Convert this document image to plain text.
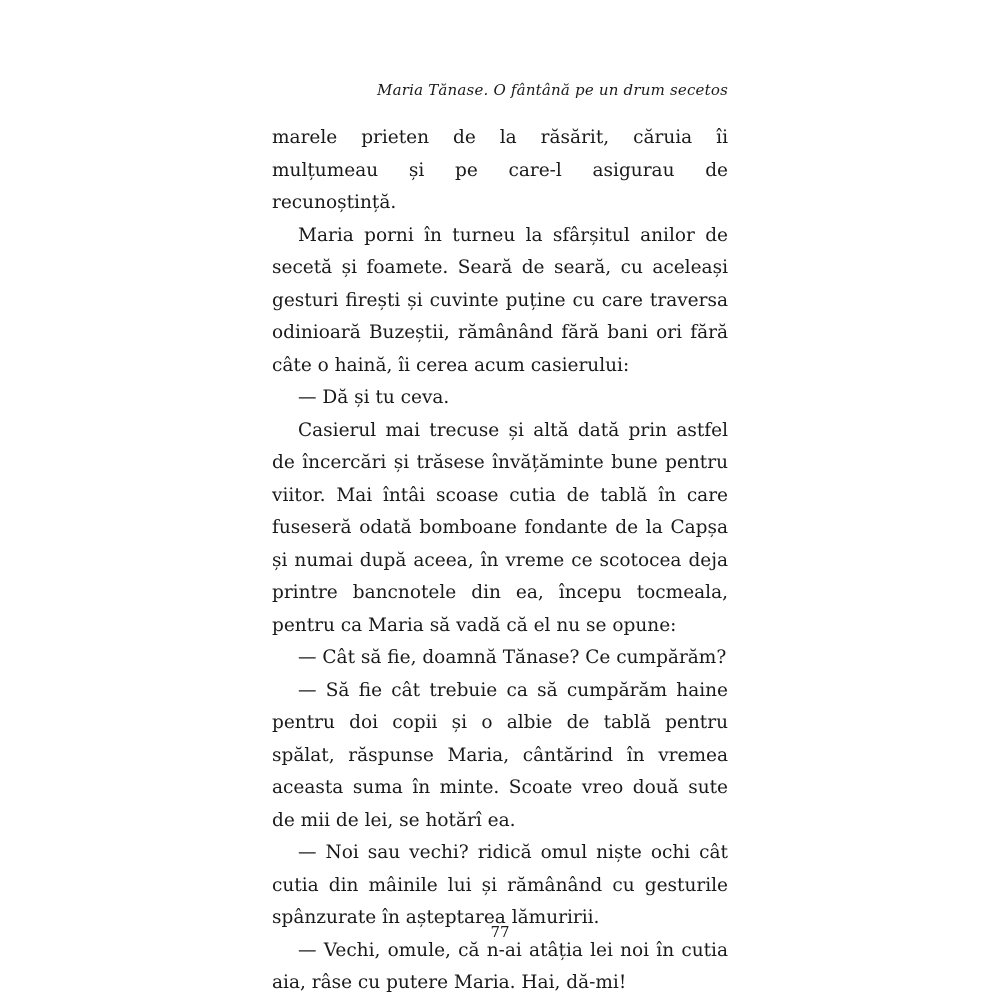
Maria Tănase. O fântână pe un drum secetos

marele prieten de la răsărit, căruia îi mulțumeau și pe care-l asigurau de recunoștință.

Maria porni în turneu la sfârșitul anilor de secetă și foamete. Seară de seară, cu aceleași gesturi firești și cuvinte puține cu care traversa odinioară Buzeștii, rămânând fără bani ori fără câte o haină, îi cerea acum casierului:

— Dă și tu ceva.

Casierul mai trecuse și altă dată prin astfel de încercări și trăsese învățăminte bune pentru viitor. Mai întâi scoase cutia de tablă în care fuseseră odată bomboane fondante de la Capșa și numai după aceea, în vreme ce scotocea deja printre bancnotele din ea, începu tocmeala, pentru ca Maria să vadă că el nu se opune:

— Cât să fie, doamnă Tănase? Ce cumpărăm?

— Să fie cât trebuie ca să cumpărăm haine pentru doi copii și o albie de tablă pentru spălat, răspunse Maria, cântărind în vremea aceasta suma în minte. Scoate vreo două sute de mii de lei, se hotărî ea.

— Noi sau vechi? ridică omul niște ochi cât cutia din mâinile lui și rămânând cu gesturile spânzurate în așteptarea lămuririi.

— Vechi, omule, că n-ai atâția lei noi în cutia aia, râse cu putere Maria. Hai, dă-mi!

77
